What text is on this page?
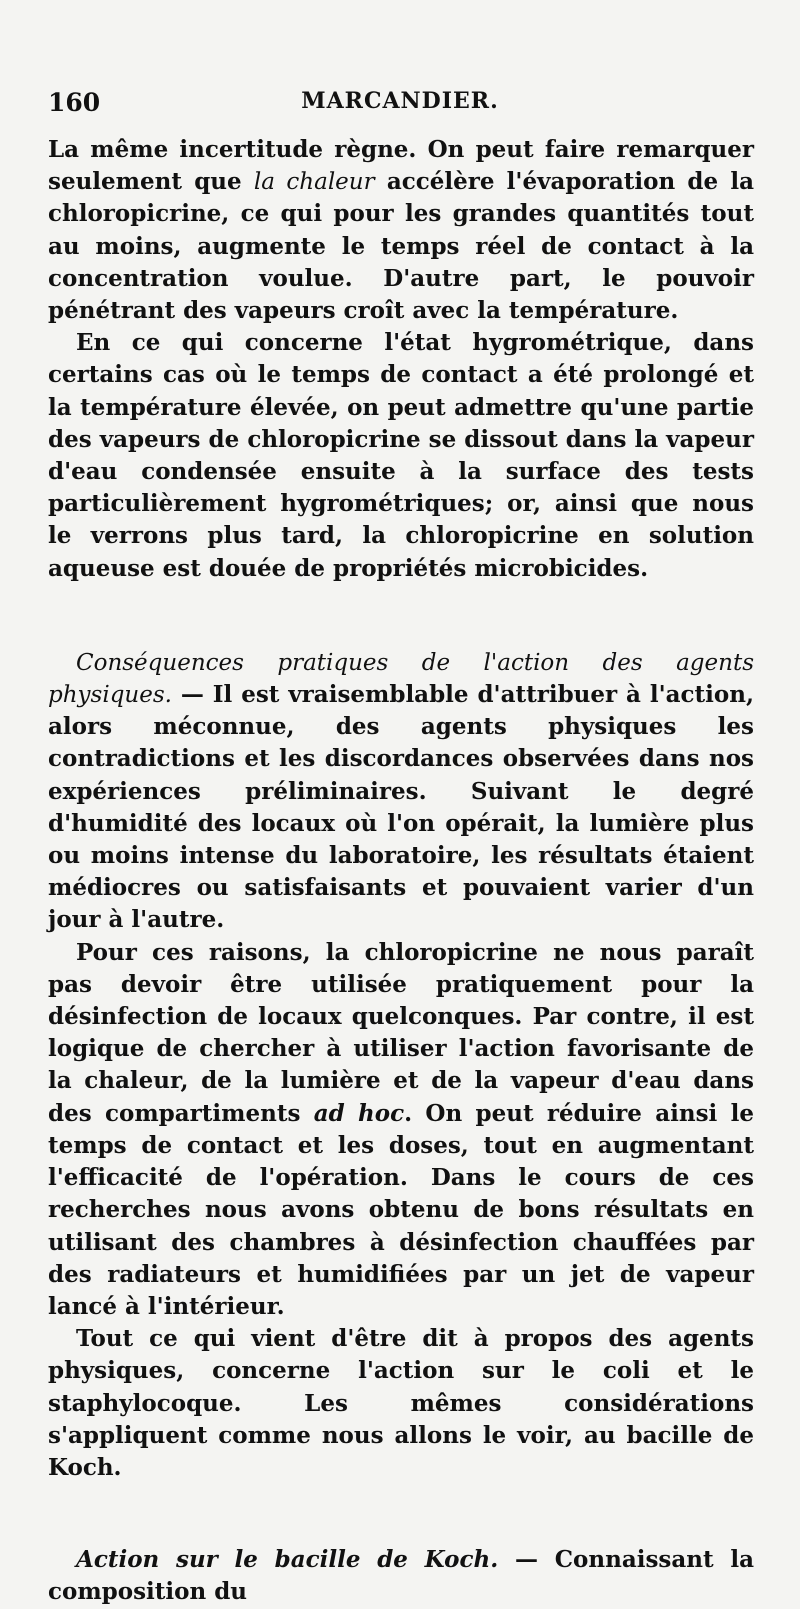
160	MARCANDIER.

La même incertitude règne. On peut faire remarquer seulement que la chaleur accélère l'évaporation de la chloropicrine, ce qui pour les grandes quantités tout au moins, augmente le temps réel de contact à la concentration voulue. D'autre part, le pouvoir pénétrant des vapeurs croît avec la température.

En ce qui concerne l'état hygrométrique, dans certains cas où le temps de contact a été prolongé et la température élevée, on peut admettre qu'une partie des vapeurs de chloropicrine se dissout dans la vapeur d'eau condensée ensuite à la surface des tests particulièrement hygrométriques; or, ainsi que nous le verrons plus tard, la chloropicrine en solution aqueuse est douée de propriétés microbicides.

Conséquences pratiques de l'action des agents physiques. — Il est vraisemblable d'attribuer à l'action, alors méconnue, des agents physiques les contradictions et les discordances observées dans nos expériences préliminaires. Suivant le degré d'humidité des locaux où l'on opérait, la lumière plus ou moins intense du laboratoire, les résultats étaient médiocres ou satisfaisants et pouvaient varier d'un jour à l'autre.

Pour ces raisons, la chloropicrine ne nous paraît pas devoir être utilisée pratiquement pour la désinfection de locaux quelconques. Par contre, il est logique de chercher à utiliser l'action favorisante de la chaleur, de la lumière et de la vapeur d'eau dans des compartiments ad hoc. On peut réduire ainsi le temps de contact et les doses, tout en augmentant l'efficacité de l'opération. Dans le cours de ces recherches nous avons obtenu de bons résultats en utilisant des chambres à désinfection chauffées par des radiateurs et humidifiées par un jet de vapeur lancé à l'intérieur.

Tout ce qui vient d'être dit à propos des agents physiques, concerne l'action sur le coli et le staphylocoque. Les mêmes considérations s'appliquent comme nous allons le voir, au bacille de Koch.

Action sur le bacille de Koch. — Connaissant la composition du
